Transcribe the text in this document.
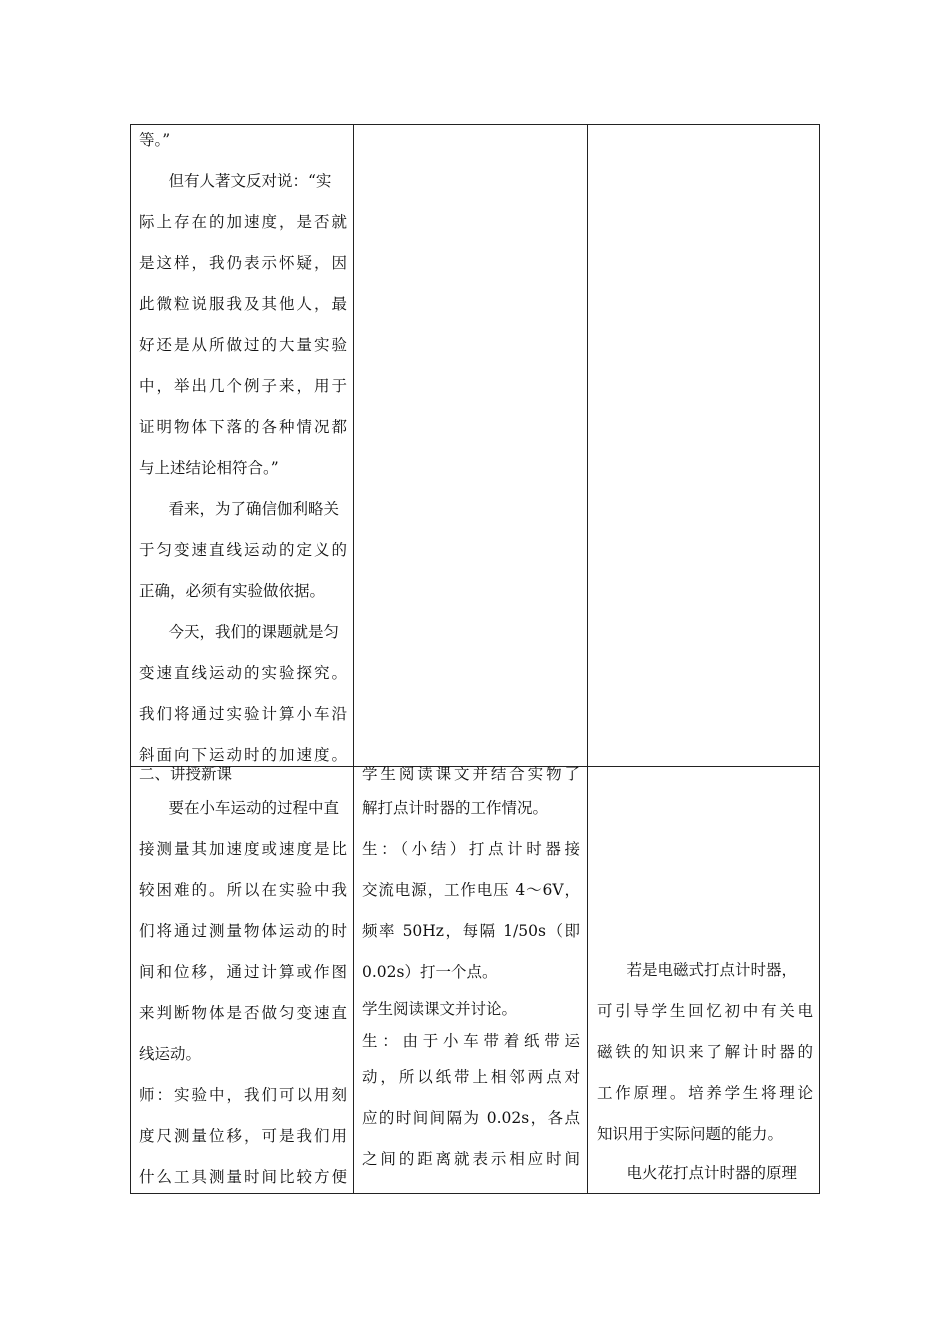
等。”
但有人著文反对说：“实
际上存在的加速度，是否就
是这样，我仍表示怀疑，因
此微粒说服我及其他人，最
好还是从所做过的大量实验
中，举出几个例子来，用于
证明物体下落的各种情况都
与上述结论相符合。”
看来，为了确信伽利略关
于匀变速直线运动的定义的
正确，必须有实验做依据。
今天，我们的课题就是匀
变速直线运动的实验探究。
我们将通过实验计算小车沿
斜面向下运动时的加速度。
二、讲授新课
要在小车运动的过程中直
接测量其加速度或速度是比
较困难的。所以在实验中我
们将通过测量物体运动的时
间和位移，通过计算或作图
来判断物体是否做匀变速直
线运动。
师：实验中，我们可以用刻
度尺测量位移，可是我们用
什么工具测量时间比较方便
学生阅读课文并结合实物了
解打点计时器的工作情况。
生：（小结）打点计时器接
交流电源，工作电压 4～6V，
频率 50Hz，每隔 1/50s（即
0.02s）打一个点。
学生阅读课文并讨论。
生：由于小车带着纸带运
动，所以纸带上相邻两点对
应的时间间隔为 0.02s，各点
之间的距离就表示相应时间
若是电磁式打点计时器，
可引导学生回忆初中有关电
磁铁的知识来了解计时器的
工作原理。培养学生将理论
知识用于实际问题的能力。
电火花打点计时器的原理
